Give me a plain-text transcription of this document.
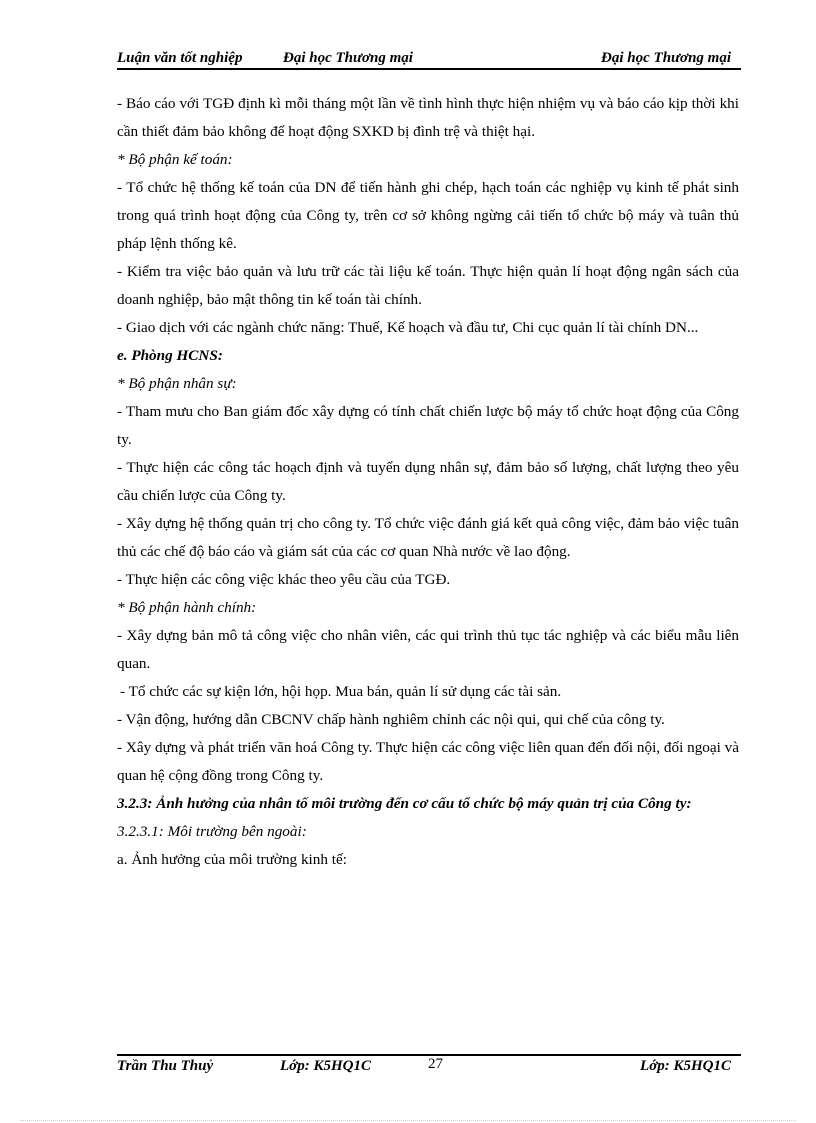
Luận văn tốt nghiệp	Đại học Thương mại	Đại học Thương mại

- Báo cáo với TGĐ định kì mỗi tháng một lần về tình hình thực hiện nhiệm vụ và báo cáo kịp thời khi cần thiết đảm bảo không để hoạt động SXKD bị đình trệ và thiệt hại.

* Bộ phận kế toán:

- Tổ chức hệ thống kế toán của DN để tiến hành ghi chép, hạch toán các nghiệp vụ kinh tế phát sinh trong quá trình hoạt động của Công ty, trên cơ sở không ngừng cải tiến tổ chức bộ máy và tuân thủ pháp lệnh thống kê.

- Kiểm tra việc bảo quản và lưu trữ các tài liệu kế toán. Thực hiện quản lí hoạt động ngân sách của doanh nghiệp, bảo mật thông tin kế toán tài chính.

- Giao dịch với các ngành chức năng: Thuế, Kế hoạch và đầu tư, Chi cục quản lí tài chính DN...

e. Phòng HCNS:

* Bộ phận nhân sự:

- Tham mưu cho Ban giám đốc xây dựng có tính chất chiến lược bộ máy tổ chức hoạt động của Công ty.

- Thực hiện các công tác hoạch định và tuyển dụng nhân sự, đảm bảo số lượng, chất lượng theo yêu cầu chiến lược của Công ty.

- Xây dựng hệ thống quản trị cho công ty. Tổ chức việc đánh giá kết quả công việc, đảm bảo việc tuân thủ các chế độ báo cáo và giám sát của các cơ quan Nhà nước về lao động.

- Thực hiện các công việc khác theo yêu cầu của TGĐ.

* Bộ phận hành chính:

- Xây dựng bản mô tả công việc cho nhân viên, các qui trình thủ tục tác nghiệp và các biểu mẫu liên quan.

- Tổ chức các sự kiện lớn, hội họp. Mua bán, quản lí sử dụng các tài sản.

- Vận động, hướng dẫn CBCNV chấp hành nghiêm chỉnh các nội qui, qui chế của công ty.

- Xây dựng và phát triển văn hoá Công ty. Thực hiện các công việc liên quan đến đối nội, đối ngoại và quan hệ cộng đồng trong Công ty.

3.2.3: Ảnh hưởng của nhân tố môi trường đến cơ cấu tổ chức bộ máy quản trị của Công ty:

3.2.3.1: Môi trường bên ngoài:

a. Ảnh hưởng của môi trường kinh tế:

Trần Thu Thuỷ	Lớp: K5HQ1C	27	Lớp: K5HQ1C
